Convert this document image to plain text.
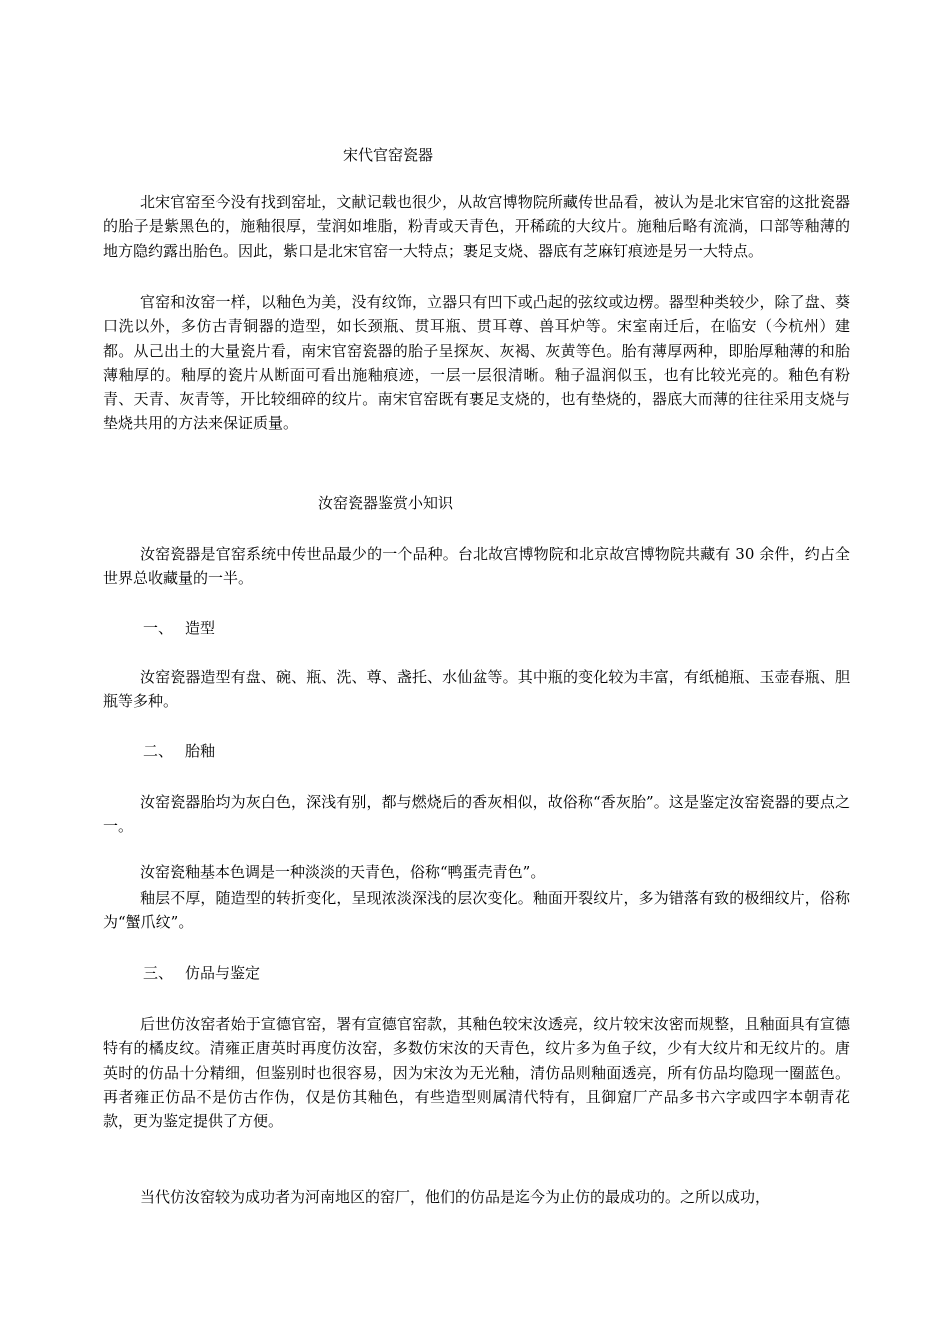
宋代官窑瓷器

北宋官窑至今没有找到窑址，文献记载也很少，从故宫博物院所藏传世品看，被认为是北宋官窑的这批瓷器的胎子是紫黑色的，施釉很厚，莹润如堆脂，粉青或天青色，开稀疏的大纹片。施釉后略有流淌，口部等釉薄的地方隐约露出胎色。因此，紫口是北宋官窑一大特点；裹足支烧、器底有芝麻钉痕迹是另一大特点。

官窑和汝窑一样，以釉色为美，没有纹饰，立器只有凹下或凸起的弦纹或边楞。器型种类较少，除了盘、葵口洗以外，多仿古青铜器的造型，如长颈瓶、贯耳瓶、贯耳尊、兽耳炉等。宋室南迁后，在临安（今杭州）建都。从己出土的大量瓷片看，南宋官窑瓷器的胎子呈探灰、灰褐、灰黄等色。胎有薄厚两种，即胎厚釉薄的和胎薄釉厚的。釉厚的瓷片从断面可看出施釉痕迹，一层一层很清晰。釉子温润似玉，也有比较光亮的。釉色有粉青、天青、灰青等，开比较细碎的纹片。南宋官窑既有裹足支烧的，也有垫烧的，器底大而薄的往往采用支烧与垫烧共用的方法来保证质量。

汝窑瓷器鉴赏小知识

汝窑瓷器是官窑系统中传世品最少的一个品种。台北故宫博物院和北京故宫博物院共藏有 30 余件，约占全世界总收藏量的一半。

一、 造型

汝窑瓷器造型有盘、碗、瓶、洗、尊、盏托、水仙盆等。其中瓶的变化较为丰富，有纸槌瓶、玉壶春瓶、胆瓶等多种。

二、 胎釉

汝窑瓷器胎均为灰白色，深浅有别，都与燃烧后的香灰相似，故俗称“香灰胎”。这是鉴定汝窑瓷器的要点之一。

汝窑瓷釉基本色调是一种淡淡的天青色，俗称“鸭蛋壳青色”。

釉层不厚，随造型的转折变化，呈现浓淡深浅的层次变化。釉面开裂纹片，多为错落有致的极细纹片，俗称为“蟹爪纹”。

三、 仿品与鉴定

后世仿汝窑者始于宣德官窑，署有宣德官窑款，其釉色较宋汝透亮，纹片较宋汝密而规整，且釉面具有宣德特有的橘皮纹。清雍正唐英时再度仿汝窑，多数仿宋汝的天青色，纹片多为鱼子纹，少有大纹片和无纹片的。唐英时的仿品十分精细，但鉴别时也很容易，因为宋汝为无光釉，清仿品则釉面透亮，所有仿品均隐现一圈蓝色。再者雍正仿品不是仿古作伪，仅是仿其釉色，有些造型则属清代特有，且御窟厂产品多书六字或四字本朝青花款，更为鉴定提供了方便。

当代仿汝窑较为成功者为河南地区的窑厂，他们的仿品是迄今为止仿的最成功的。之所以成功，
